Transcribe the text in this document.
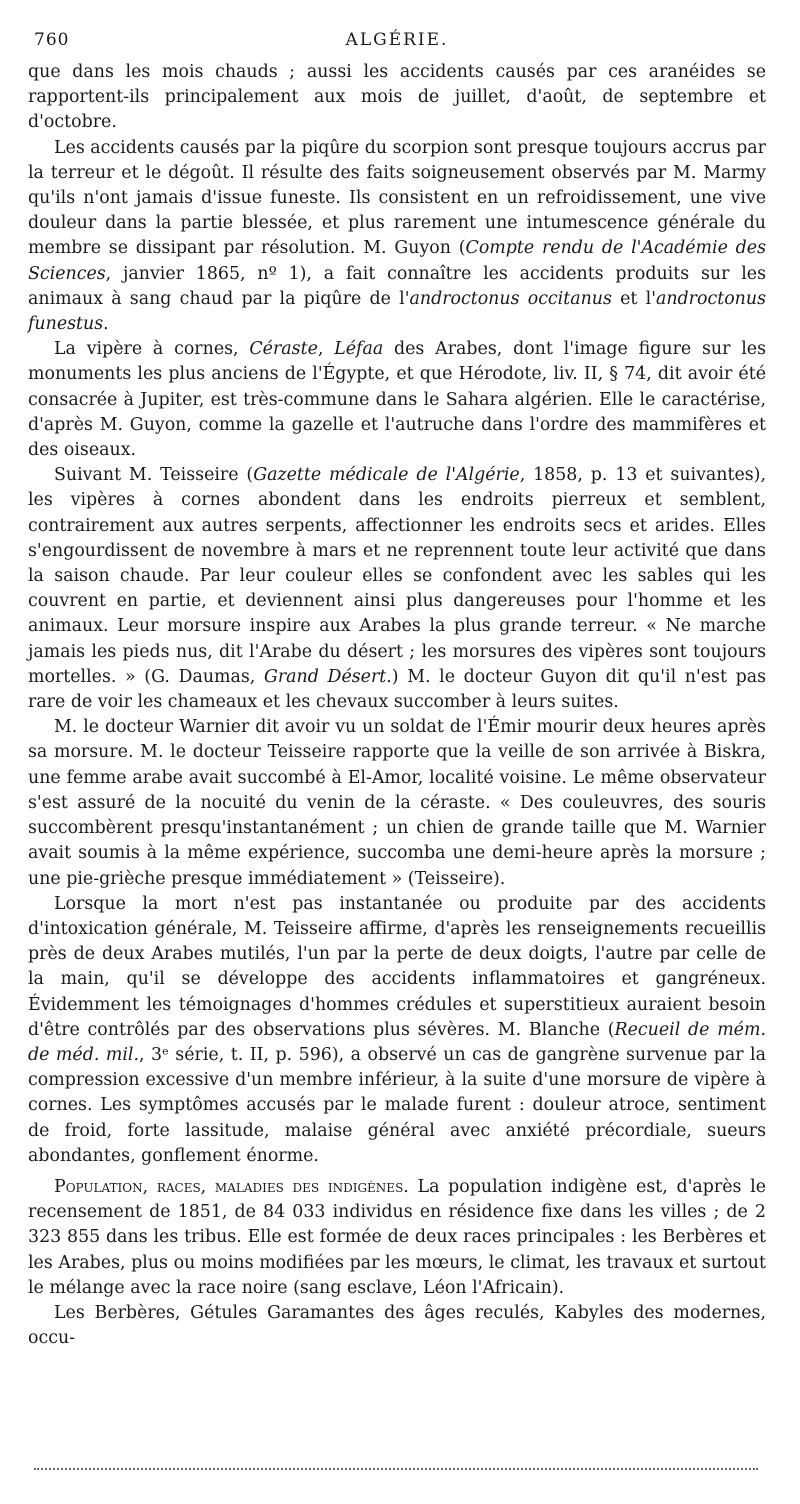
760	ALGÉRIE.

que dans les mois chauds ; aussi les accidents causés par ces aranéides se rapportent-ils principalement aux mois de juillet, d'août, de septembre et d'octobre.

Les accidents causés par la piqûre du scorpion sont presque toujours accrus par la terreur et le dégoût. Il résulte des faits soigneusement observés par M. Marmy qu'ils n'ont jamais d'issue funeste. Ils consistent en un refroidissement, une vive douleur dans la partie blessée, et plus rarement une intumescence générale du membre se dissipant par résolution. M. Guyon (Compte rendu de l'Académie des Sciences, janvier 1865, nº 1), a fait connaître les accidents produits sur les animaux à sang chaud par la piqûre de l'androctonus occitanus et l'androctonus funestus.

La vipère à cornes, Céraste, Léfaa des Arabes, dont l'image figure sur les monuments les plus anciens de l'Égypte, et que Hérodote, liv. II, § 74, dit avoir été consacrée à Jupiter, est très-commune dans le Sahara algérien. Elle le caractérise, d'après M. Guyon, comme la gazelle et l'autruche dans l'ordre des mammifères et des oiseaux.

Suivant M. Teisseire (Gazette médicale de l'Algérie, 1858, p. 13 et suivantes), les vipères à cornes abondent dans les endroits pierreux et semblent, contrairement aux autres serpents, affectionner les endroits secs et arides. Elles s'engourdissent de novembre à mars et ne reprennent toute leur activité que dans la saison chaude. Par leur couleur elles se confondent avec les sables qui les couvrent en partie, et deviennent ainsi plus dangereuses pour l'homme et les animaux. Leur morsure inspire aux Arabes la plus grande terreur. « Ne marche jamais les pieds nus, dit l'Arabe du désert ; les morsures des vipères sont toujours mortelles. » (G. Daumas, Grand Désert.) M. le docteur Guyon dit qu'il n'est pas rare de voir les chameaux et les chevaux succomber à leurs suites.

M. le docteur Warnier dit avoir vu un soldat de l'Émir mourir deux heures après sa morsure. M. le docteur Teisseire rapporte que la veille de son arrivée à Biskra, une femme arabe avait succombé à El-Amor, localité voisine. Le même observateur s'est assuré de la nocuité du venin de la céraste. « Des couleuvres, des souris succombèrent presqu'instantanément ; un chien de grande taille que M. Warnier avait soumis à la même expérience, succomba une demi-heure après la morsure ; une pie-grièche presque immédiatement » (Teisseire).

Lorsque la mort n'est pas instantanée ou produite par des accidents d'intoxication générale, M. Teisseire affirme, d'après les renseignements recueillis près de deux Arabes mutilés, l'un par la perte de deux doigts, l'autre par celle de la main, qu'il se développe des accidents inflammatoires et gangréneux. Évidemment les témoignages d'hommes crédules et superstitieux auraient besoin d'être contrôlés par des observations plus sévères. M. Blanche (Recueil de mém. de méd. mil., 3ᵉ série, t. II, p. 596), a observé un cas de gangrène survenue par la compression excessive d'un membre inférieur, à la suite d'une morsure de vipère à cornes. Les symptômes accusés par le malade furent : douleur atroce, sentiment de froid, forte lassitude, malaise général avec anxiété précordiale, sueurs abondantes, gonflement énorme.

Population, races, maladies des indigènes. La population indigène est, d'après le recensement de 1851, de 84 033 individus en résidence fixe dans les villes ; de 2 323 855 dans les tribus. Elle est formée de deux races principales : les Berbères et les Arabes, plus ou moins modifiées par les mœurs, le climat, les travaux et surtout le mélange avec la race noire (sang esclave, Léon l'Africain).

Les Berbères, Gétules Garamantes des âges reculés, Kabyles des modernes, occu-
